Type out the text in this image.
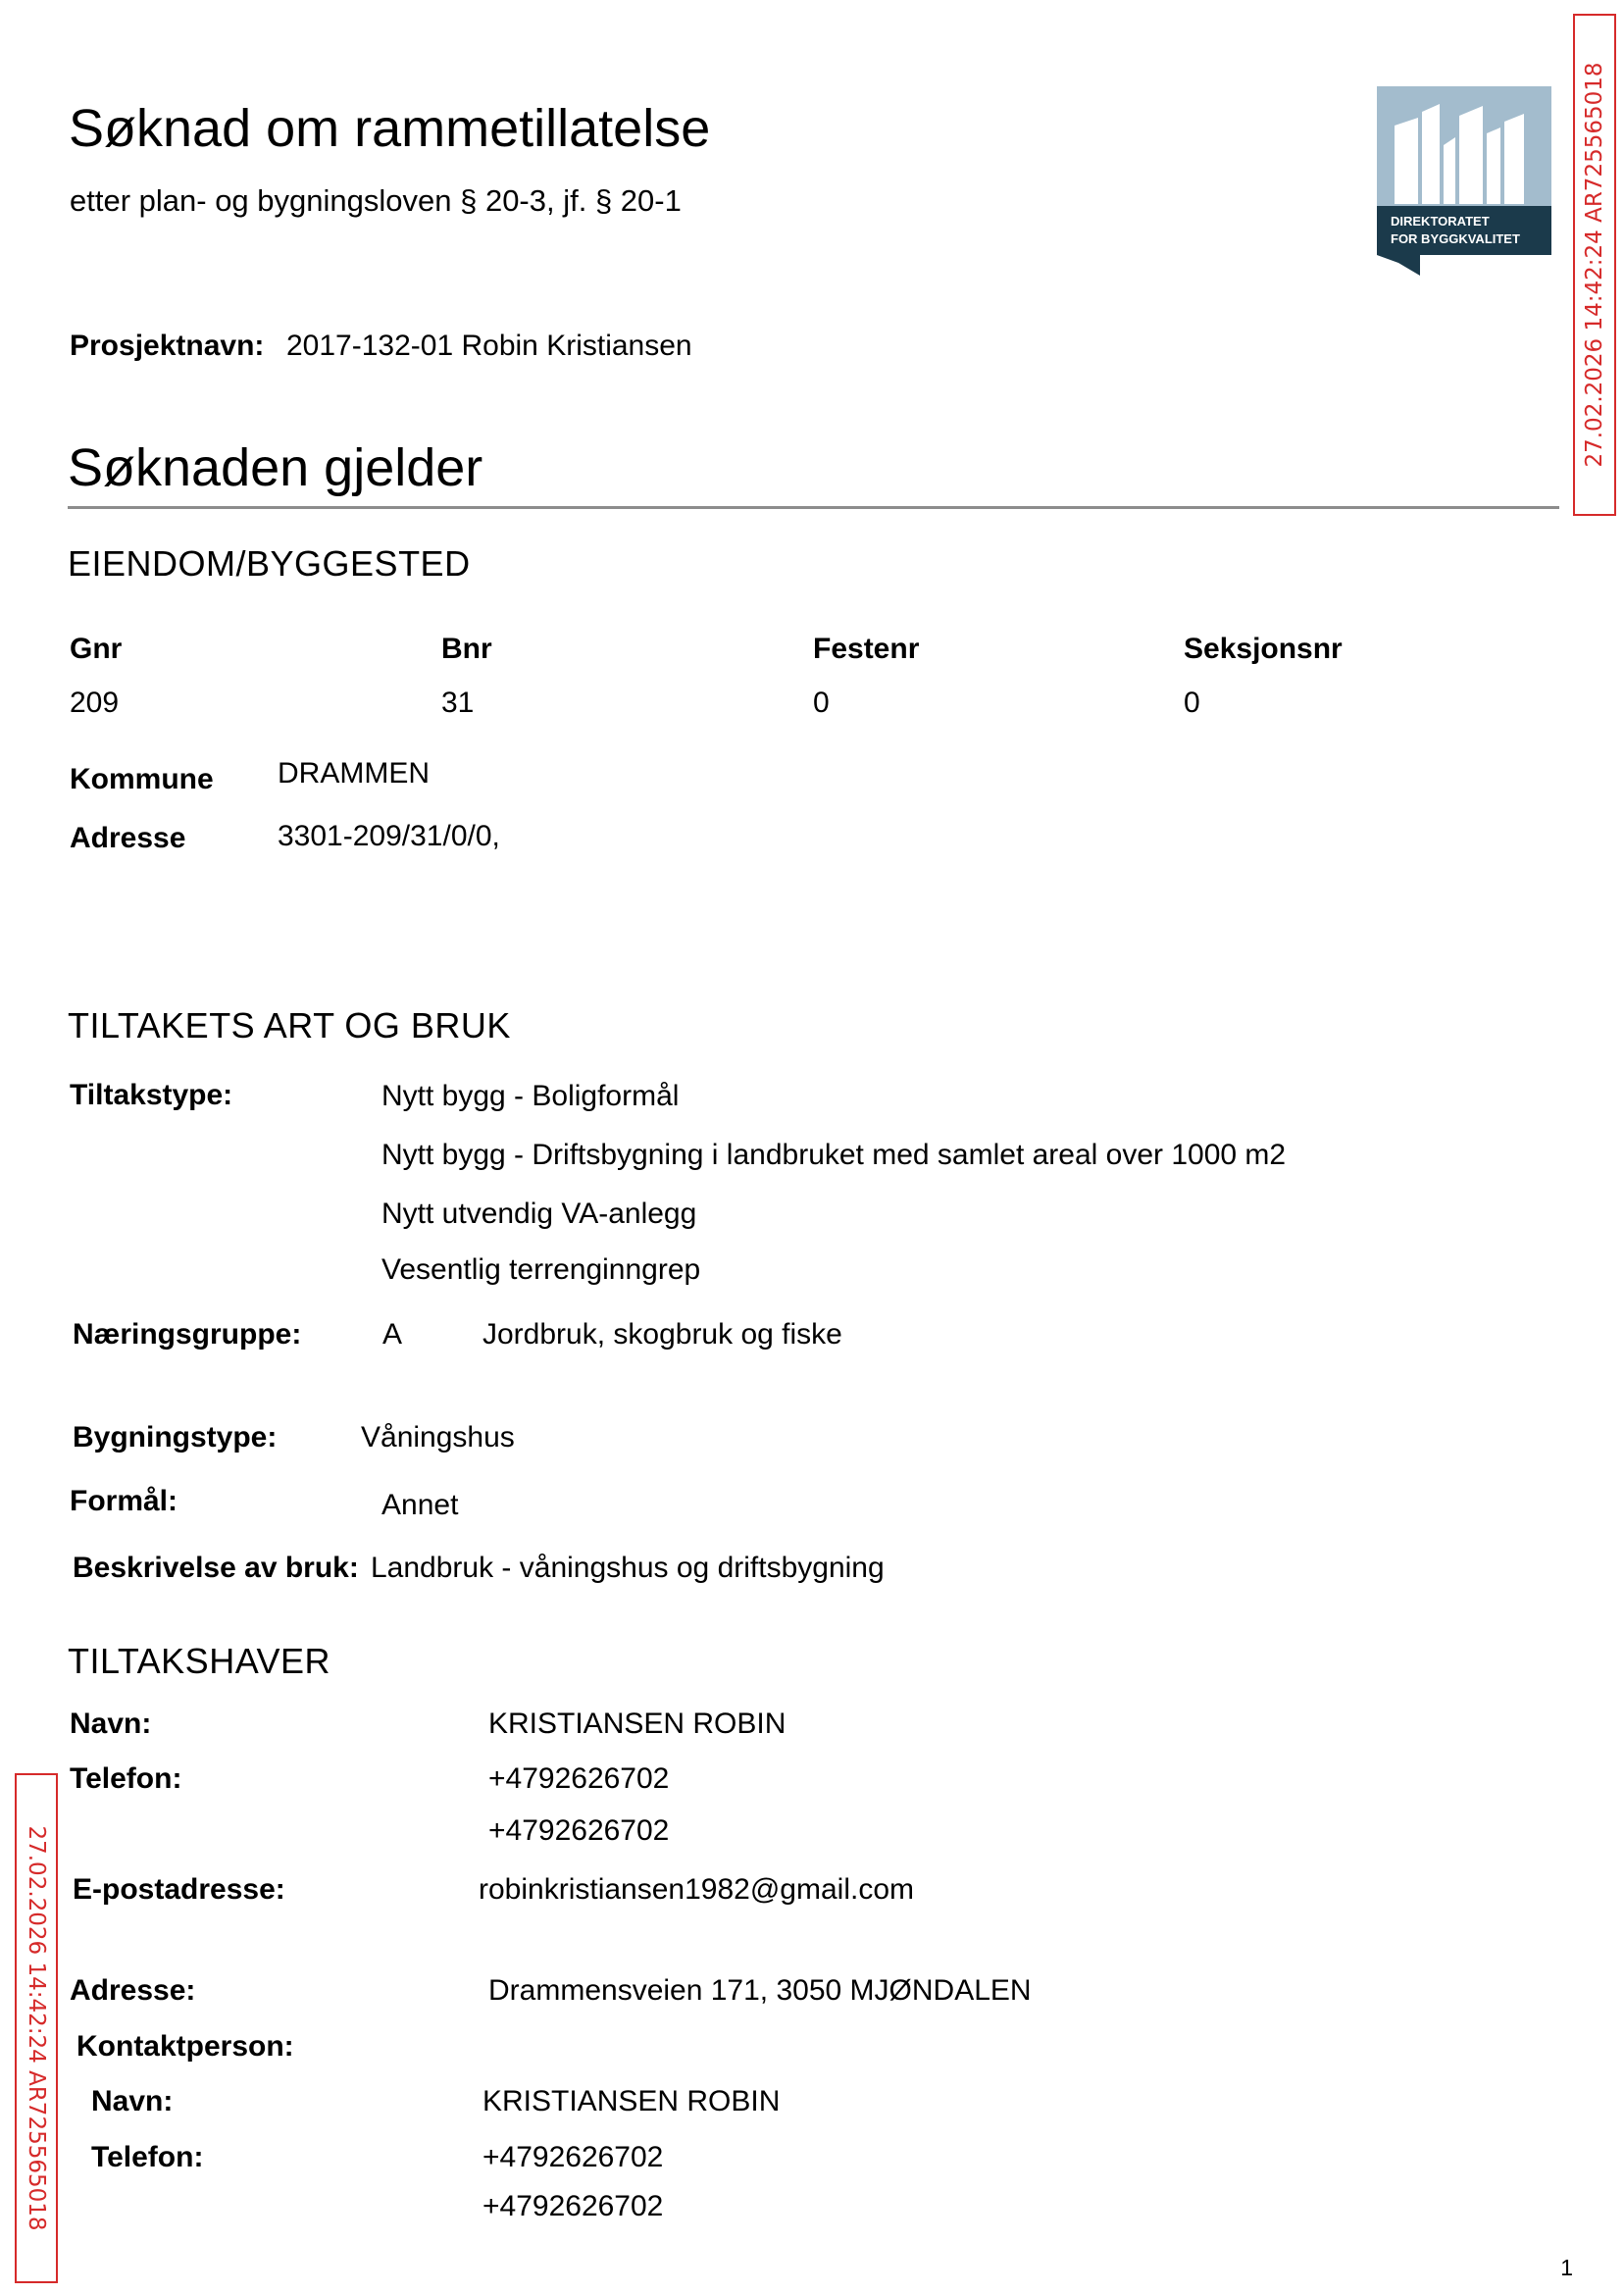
Søknad om rammetillatelse
etter plan- og bygningsloven § 20-3, jf. § 20-1
DIREKTORATET
FOR BYGGKVALITET	27.02.2026 14:42:24 AR725565018
Prosjektnavn: 2017-132-01 Robin Kristiansen
Søknaden gjelder
EIENDOM/BYGGESTED
Gnr	Bnr	Festenr	Seksjonsnr
209	31	0	0
Kommune DRAMMEN
Adresse	3301-209/31/0/0,
TILTAKETS ART OG BRUK
Tiltakstype:	Nytt bygg - Boligformål
Nytt bygg - Driftsbygning i landbruket med samlet areal over 1000 m2
Nytt utvendig VA-anlegg
Vesentlig terrenginngrep
Næringsgruppe:	A	Jordbruk, skogbruk og fiske
Bygningstype:	Våningshus
Formål:	Annet
Beskrivelse av bruk: Landbruk - våningshus og driftsbygning
TILTAKSHAVER
Navn:	KRISTIANSEN ROBIN
Telefon:	+4792626702
+4792626702
E-postadresse:	robinkristiansen1982@gmail.com
Adresse:	Drammensveien 171, 3050 MJØNDALEN
Kontaktperson:
Navn:	KRISTIANSEN ROBIN
Telefon:	+4792626702
+4792626702
27.02.2026 14:42:24 AR725565018
1
